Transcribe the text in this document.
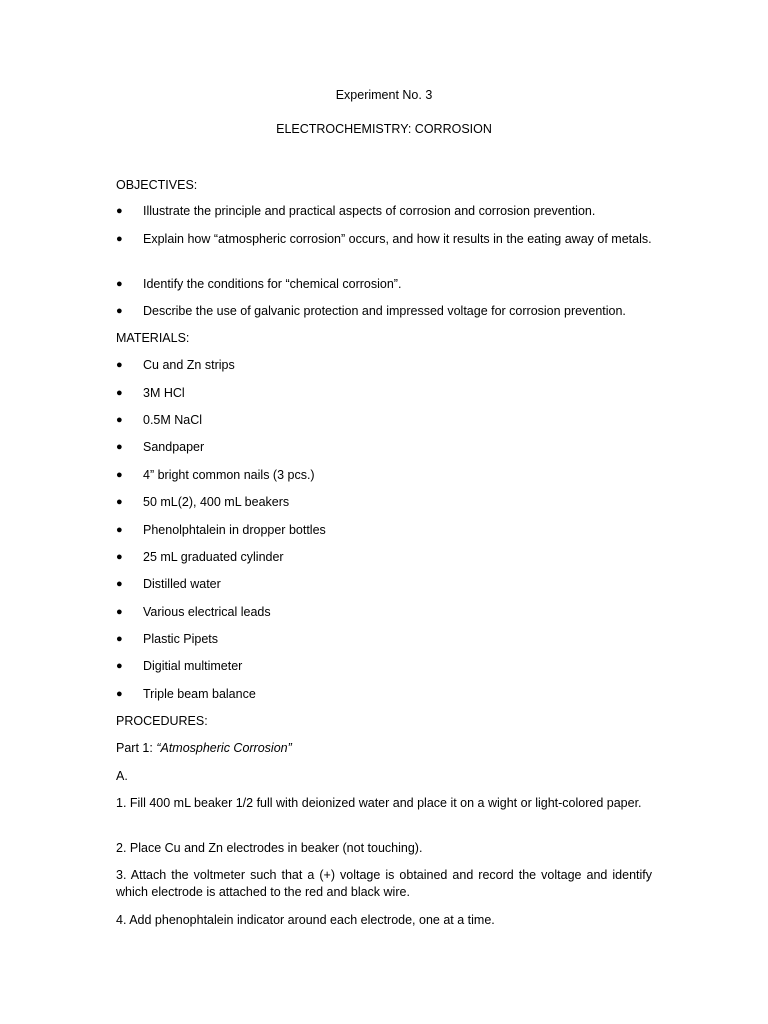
Experiment No. 3
ELECTROCHEMISTRY: CORROSION
OBJECTIVES:
●	Illustrate the principle and practical aspects of corrosion and corrosion prevention.
●	Explain how “atmospheric corrosion” occurs, and how it results in the eating away of metals.
●	Identify the conditions for “chemical corrosion”.
●	Describe the use of galvanic protection and impressed voltage for corrosion prevention.
MATERIALS:
●	Cu and Zn strips
●	3M HCl
●	0.5M NaCl
●	Sandpaper
●	4” bright common nails (3 pcs.)
●	50 mL(2), 400 mL beakers
●	Phenolphtalein in dropper bottles
●	25 mL graduated cylinder
●	Distilled water
●	Various electrical leads
●	Plastic Pipets
●	Digitial multimeter
●	Triple beam balance
PROCEDURES:
Part 1: “Atmospheric Corrosion”
A.
1. Fill 400 mL beaker 1/2 full with deionized water and place it on a wight or light-colored paper.
2. Place Cu and Zn electrodes in beaker (not touching).
3. Attach the voltmeter such that a (+) voltage is obtained and record the voltage and identify which electrode is attached to the red and black wire.
4. Add phenophtalein indicator around each electrode, one at a time.
